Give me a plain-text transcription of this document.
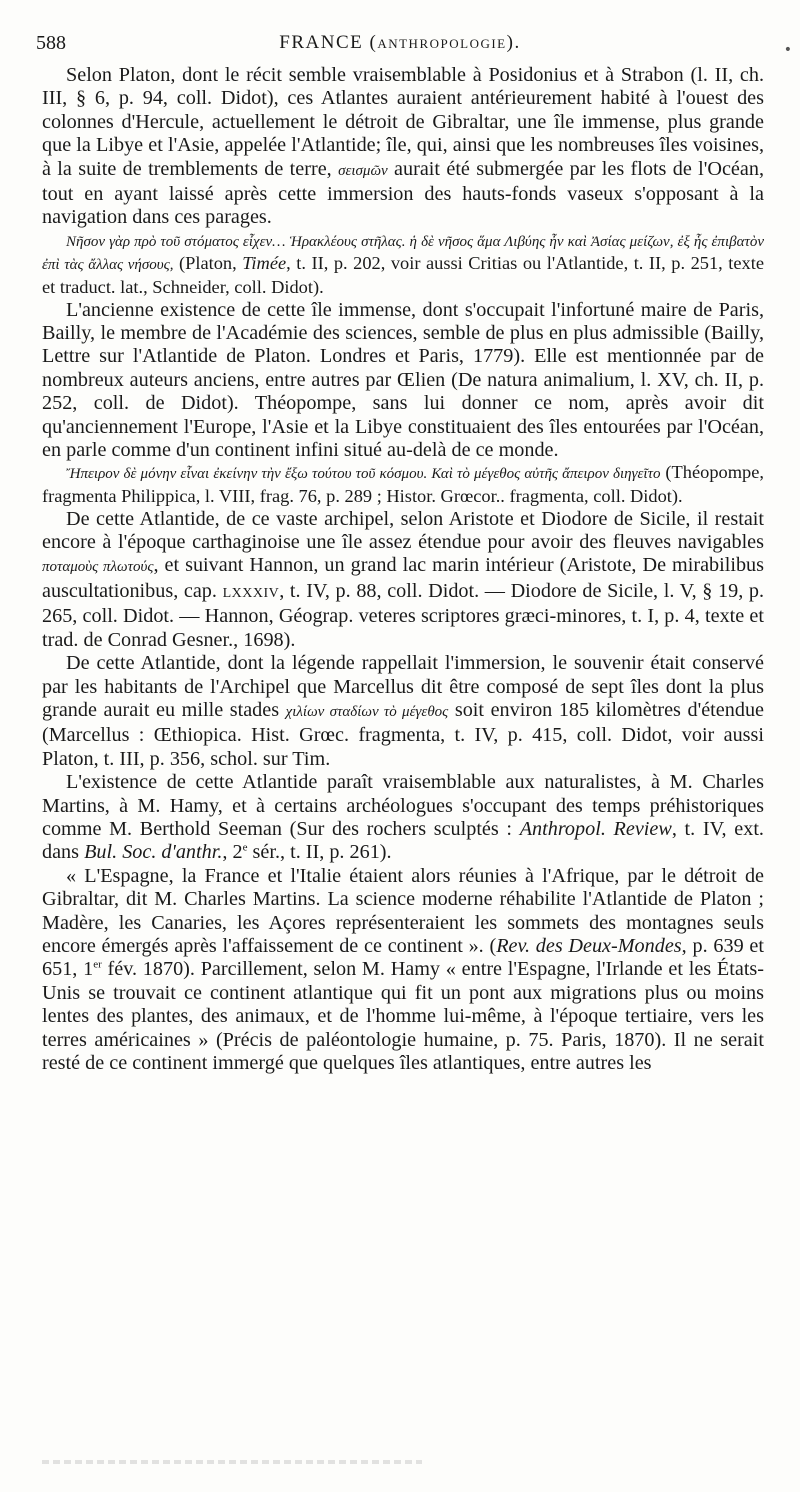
588	FRANCE (ANTHROPOLOGIE).	•

Selon Platon, dont le récit semble vraisemblable à Posidonius et à Strabon (l. II, ch. III, § 6, p. 94, coll. Didot), ces Atlantes auraient antérieurement habité à l'ouest des colonnes d'Hercule, actuellement le détroit de Gibraltar, une île immense, plus grande que la Libye et l'Asie, appelée l'Atlantide; île, qui, ainsi que les nombreuses îles voisines, à la suite de tremblements de terre, σεισμῶν aurait été submergée par les flots de l'Océan, tout en ayant laissé après cette immersion des hauts-fonds vaseux s'opposant à la navigation dans ces parages.

Νῆσον γὰρ πρὸ τοῦ στόματος εἶχεν… Ἡρακλέους στῆλας. ἡ δὲ νῆσος ἅμα Λιβύης ἦν καὶ Ἀσίας μείζων, ἐξ ἧς ἐπιβατὸν ἐπὶ τὰς ἄλλας νήσους, (Platon, Timée, t. II, p. 202, voir aussi Critias ou l'Atlantide, t. II, p. 251, texte et traduct. lat., Schneider, coll. Didot).

L'ancienne existence de cette île immense, dont s'occupait l'infortuné maire de Paris, Bailly, le membre de l'Académie des sciences, semble de plus en plus admissible (Bailly, Lettre sur l'Atlantide de Platon. Londres et Paris, 1779). Elle est mentionnée par de nombreux auteurs anciens, entre autres par Œlien (De natura animalium, l. XV, ch. II, p. 252, coll. de Didot). Théopompe, sans lui donner ce nom, après avoir dit qu'anciennement l'Europe, l'Asie et la Libye constituaient des îles entourées par l'Océan, en parle comme d'un continent infini situé au-delà de ce monde.

Ἤπειρον δὲ μόνην εἶναι ἐκείνην τὴν ἔξω τούτου τοῦ κόσμου. Καὶ τὸ μέγεθος αὐτῆς ἄπειρον διηγεῖτο (Théopompe, fragmenta Philippica, l. VIII, frag. 76, p. 289 ; Histor. Grœcor.. fragmenta, coll. Didot).

De cette Atlantide, de ce vaste archipel, selon Aristote et Diodore de Sicile, il restait encore à l'époque carthaginoise une île assez étendue pour avoir des fleuves navigables ποταμοὺς πλωτούς, et suivant Hannon, un grand lac marin intérieur (Aristote, De mirabilibus auscultationibus, cap. LXXXIV, t. IV, p. 88, coll. Didot. — Diodore de Sicile, l. V, § 19, p. 265, coll. Didot. — Hannon, Géograp. veteres scriptores græci-minores, t. I, p. 4, texte et trad. de Conrad Gesner., 1698).

De cette Atlantide, dont la légende rappellait l'immersion, le souvenir était conservé par les habitants de l'Archipel que Marcellus dit être composé de sept îles dont la plus grande aurait eu mille stades χιλίων σταδίων τὸ μέγεθος soit environ 185 kilomètres d'étendue (Marcellus : Œthiopica. Hist. Grœc. fragmenta, t. IV, p. 415, coll. Didot, voir aussi Platon, t. III, p. 356, schol. sur Tim.

L'existence de cette Atlantide paraît vraisemblable aux naturalistes, à M. Charles Martins, à M. Hamy, et à certains archéologues s'occupant des temps préhistoriques comme M. Berthold Seeman (Sur des rochers sculptés : Anthropol. Review, t. IV, ext. dans Bul. Soc. d'anthr., 2e sér., t. II, p. 261).

« L'Espagne, la France et l'Italie étaient alors réunies à l'Afrique, par le détroit de Gibraltar, dit M. Charles Martins. La science moderne réhabilite l'Atlantide de Platon ; Madère, les Canaries, les Açores représenteraient les sommets des montagnes seuls encore émergés après l'affaissement de ce continent ». (Rev. des Deux-Mondes, p. 639 et 651, 1er fév. 1870). Parcillement, selon M. Hamy « entre l'Espagne, l'Irlande et les États-Unis se trouvait ce continent atlantique qui fit un pont aux migrations plus ou moins lentes des plantes, des animaux, et de l'homme lui-même, à l'époque tertiaire, vers les terres américaines » (Précis de paléontologie humaine, p. 75. Paris, 1870). Il ne serait resté de ce continent immergé que quelques îles atlantiques, entre autres les
